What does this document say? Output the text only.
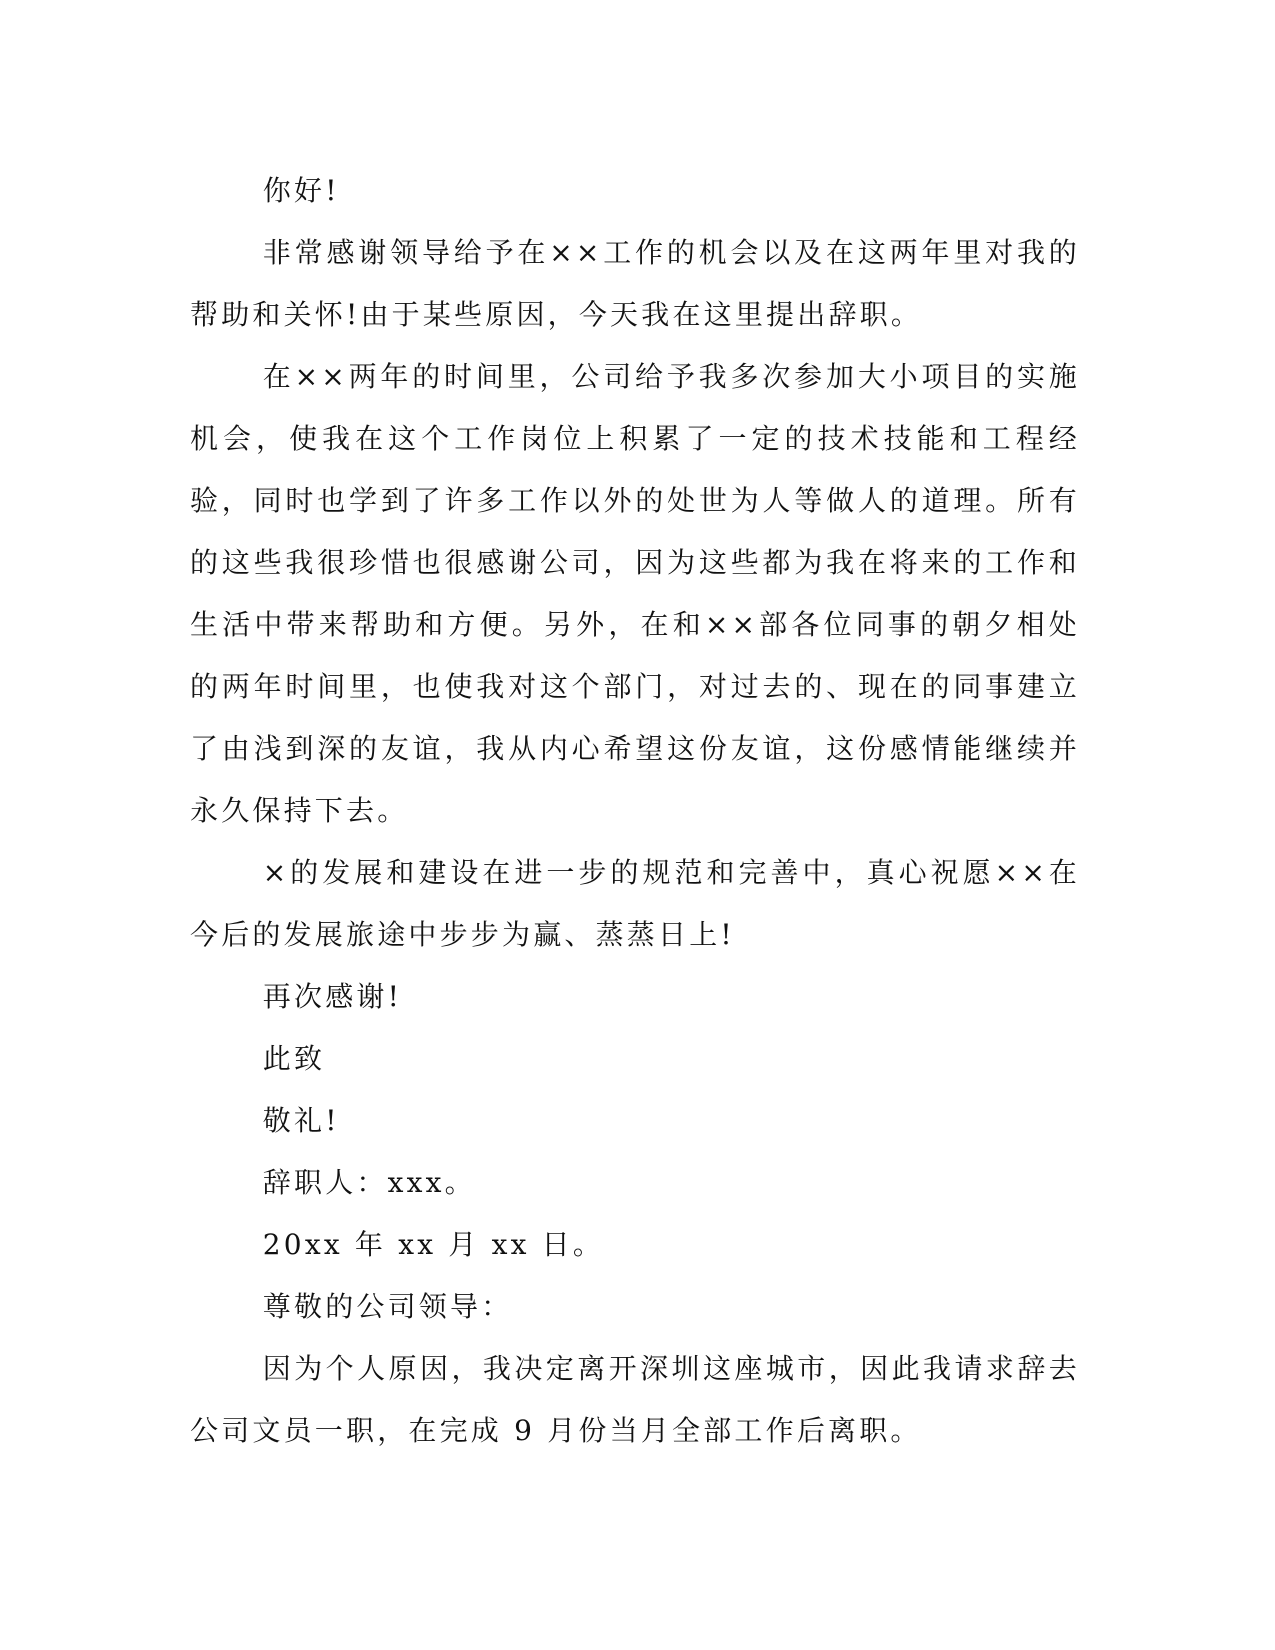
你好!

非常感谢领导给予在××工作的机会以及在这两年里对我的帮助和关怀!由于某些原因，今天我在这里提出辞职。

在××两年的时间里，公司给予我多次参加大小项目的实施机会，使我在这个工作岗位上积累了一定的技术技能和工程经验，同时也学到了许多工作以外的处世为人等做人的道理。所有的这些我很珍惜也很感谢公司，因为这些都为我在将来的工作和生活中带来帮助和方便。另外，在和××部各位同事的朝夕相处的两年时间里，也使我对这个部门，对过去的、现在的同事建立了由浅到深的友谊，我从内心希望这份友谊，这份感情能继续并永久保持下去。

×的发展和建设在进一步的规范和完善中，真心祝愿××在今后的发展旅途中步步为赢、蒸蒸日上!

再次感谢!

此致

敬礼!

辞职人：xxx。

20xx 年 xx 月 xx 日。

尊敬的公司领导：

因为个人原因，我决定离开深圳这座城市，因此我请求辞去公司文员一职，在完成 9 月份当月全部工作后离职。
